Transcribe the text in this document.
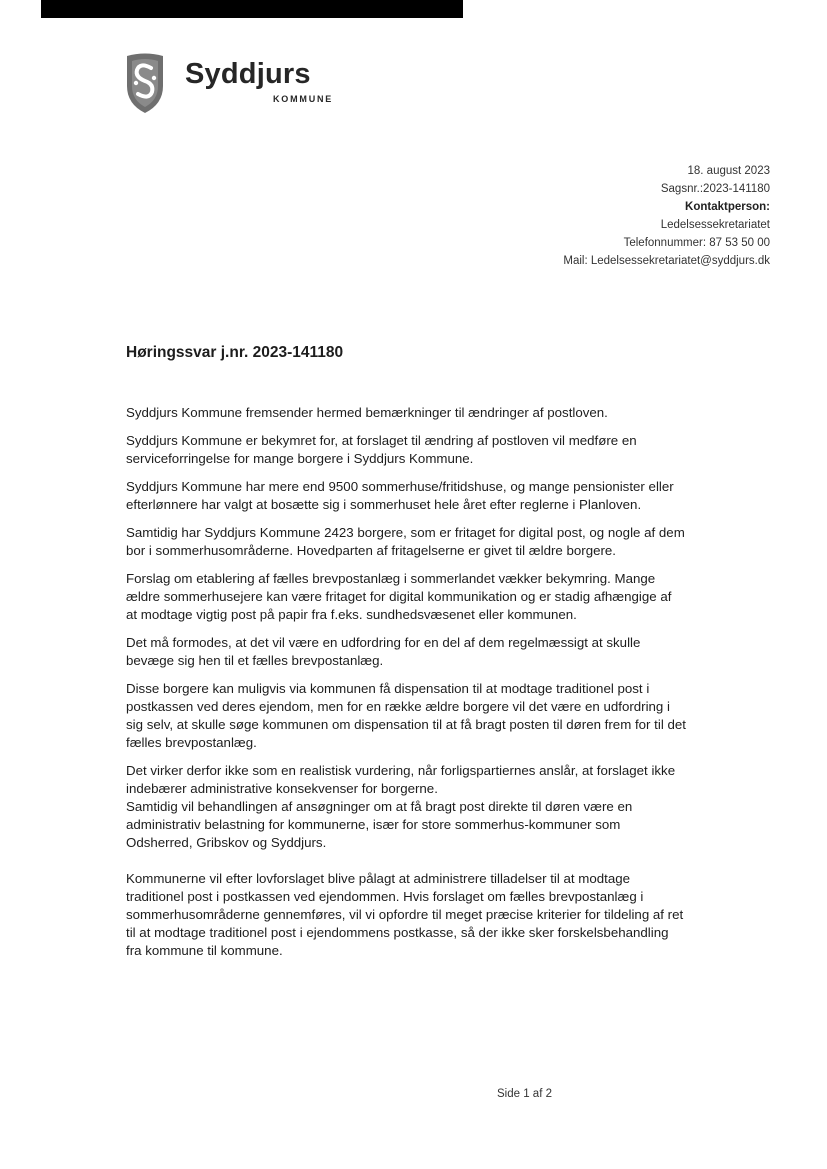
Syddjurs
KOMMUNE
18. august 2023
Sagsnr.:2023-141180
Kontaktperson:
Ledelsessekretariatet
Telefonnummer: 87 53 50 00
Mail: Ledelsessekretariatet@syddjurs.dk
Høringssvar j.nr. 2023-141180

Syddjurs Kommune fremsender hermed bemærkninger til ændringer af postloven.

Syddjurs Kommune er bekymret for, at forslaget til ændring af postloven vil medføre en serviceforringelse for mange borgere i Syddjurs Kommune.

Syddjurs Kommune har mere end 9500 sommerhuse/fritidshuse, og mange pensionister eller efterlønnere har valgt at bosætte sig i sommerhuset hele året efter reglerne i Planloven.

Samtidig har Syddjurs Kommune 2423 borgere, som er fritaget for digital post, og nogle af dem bor i sommerhusområderne. Hovedparten af fritagelserne er givet til ældre borgere.

Forslag om etablering af fælles brevpostanlæg i sommerlandet vækker bekymring. Mange ældre sommerhusejere kan være fritaget for digital kommunikation og er stadig afhængige af at modtage vigtig post på papir fra f.eks. sundhedsvæsenet eller kommunen.

Det må formodes, at det vil være en udfordring for en del af dem regelmæssigt at skulle bevæge sig hen til et fælles brevpostanlæg.

Disse borgere kan muligvis via kommunen få dispensation til at modtage traditionel post i postkassen ved deres ejendom, men for en række ældre borgere vil det være en udfordring i sig selv, at skulle søge kommunen om dispensation til at få bragt posten til døren frem for til det fælles brevpostanlæg.

Det virker derfor ikke som en realistisk vurdering, når forligspartiernes anslår, at forslaget ikke indebærer administrative konsekvenser for borgerne.

Samtidig vil behandlingen af ansøgninger om at få bragt post direkte til døren være en administrativ belastning for kommunerne, især for store sommerhus-kommuner som Odsherred, Gribskov og Syddjurs.

Kommunerne vil efter lovforslaget blive pålagt at administrere tilladelser til at modtage traditionel post i postkassen ved ejendommen. Hvis forslaget om fælles brevpostanlæg i sommerhusområderne gennemføres, vil vi opfordre til meget præcise kriterier for tildeling af ret til at modtage traditionel post i ejendommens postkasse, så der ikke sker forskelsbehandling fra kommune til kommune.

Side 1 af 2
